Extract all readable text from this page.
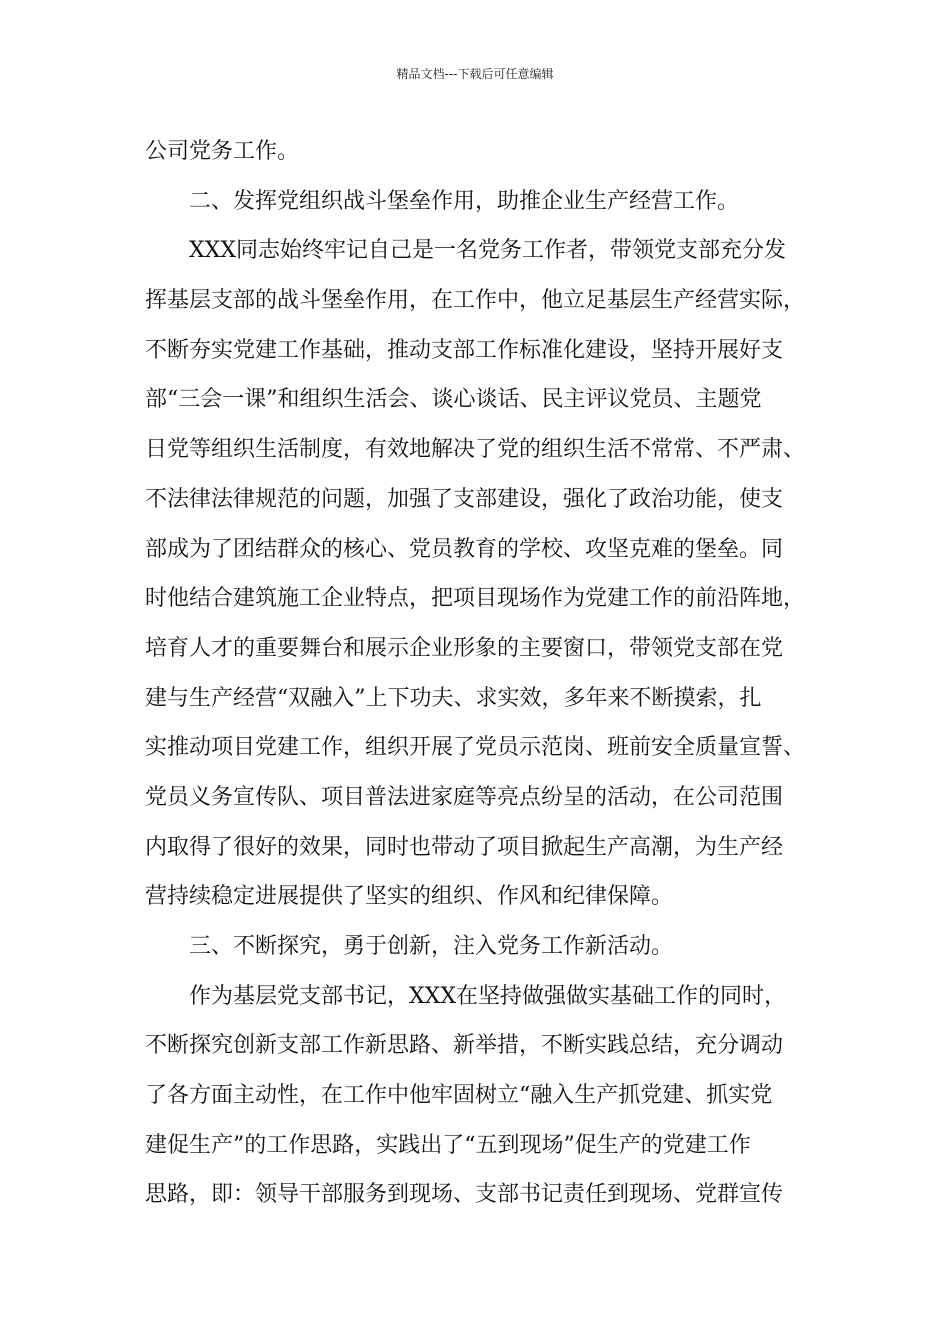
精品文档---下载后可任意编辑
公司党务工作。
二、发挥党组织战斗堡垒作用，助推企业生产经营工作。
XXX同志始终牢记自己是一名党务工作者，带领党支部充分发
挥基层支部的战斗堡垒作用，在工作中，他立足基层生产经营实际，
不断夯实党建工作基础，推动支部工作标准化建设，坚持开展好支
部“三会一课”和组织生活会、谈心谈话、民主评议党员、主题党
日党等组织生活制度，有效地解决了党的组织生活不常常、不严肃、
不法律法律规范的问题，加强了支部建设，强化了政治功能，使支
部成为了团结群众的核心、党员教育的学校、攻坚克难的堡垒。同
时他结合建筑施工企业特点，把项目现场作为党建工作的前沿阵地，
培育人才的重要舞台和展示企业形象的主要窗口，带领党支部在党
建与生产经营“双融入”上下功夫、求实效，多年来不断摸索，扎
实推动项目党建工作，组织开展了党员示范岗、班前安全质量宣誓、
党员义务宣传队、项目普法进家庭等亮点纷呈的活动，在公司范围
内取得了很好的效果，同时也带动了项目掀起生产高潮，为生产经
营持续稳定进展提供了坚实的组织、作风和纪律保障。
三、不断探究，勇于创新，注入党务工作新活动。
作为基层党支部书记，XXX在坚持做强做实基础工作的同时，
不断探究创新支部工作新思路、新举措，不断实践总结，充分调动
了各方面主动性，在工作中他牢固树立“融入生产抓党建、抓实党
建促生产”的工作思路，实践出了“五到现场”促生产的党建工作
思路，即：领导干部服务到现场、支部书记责任到现场、党群宣传
